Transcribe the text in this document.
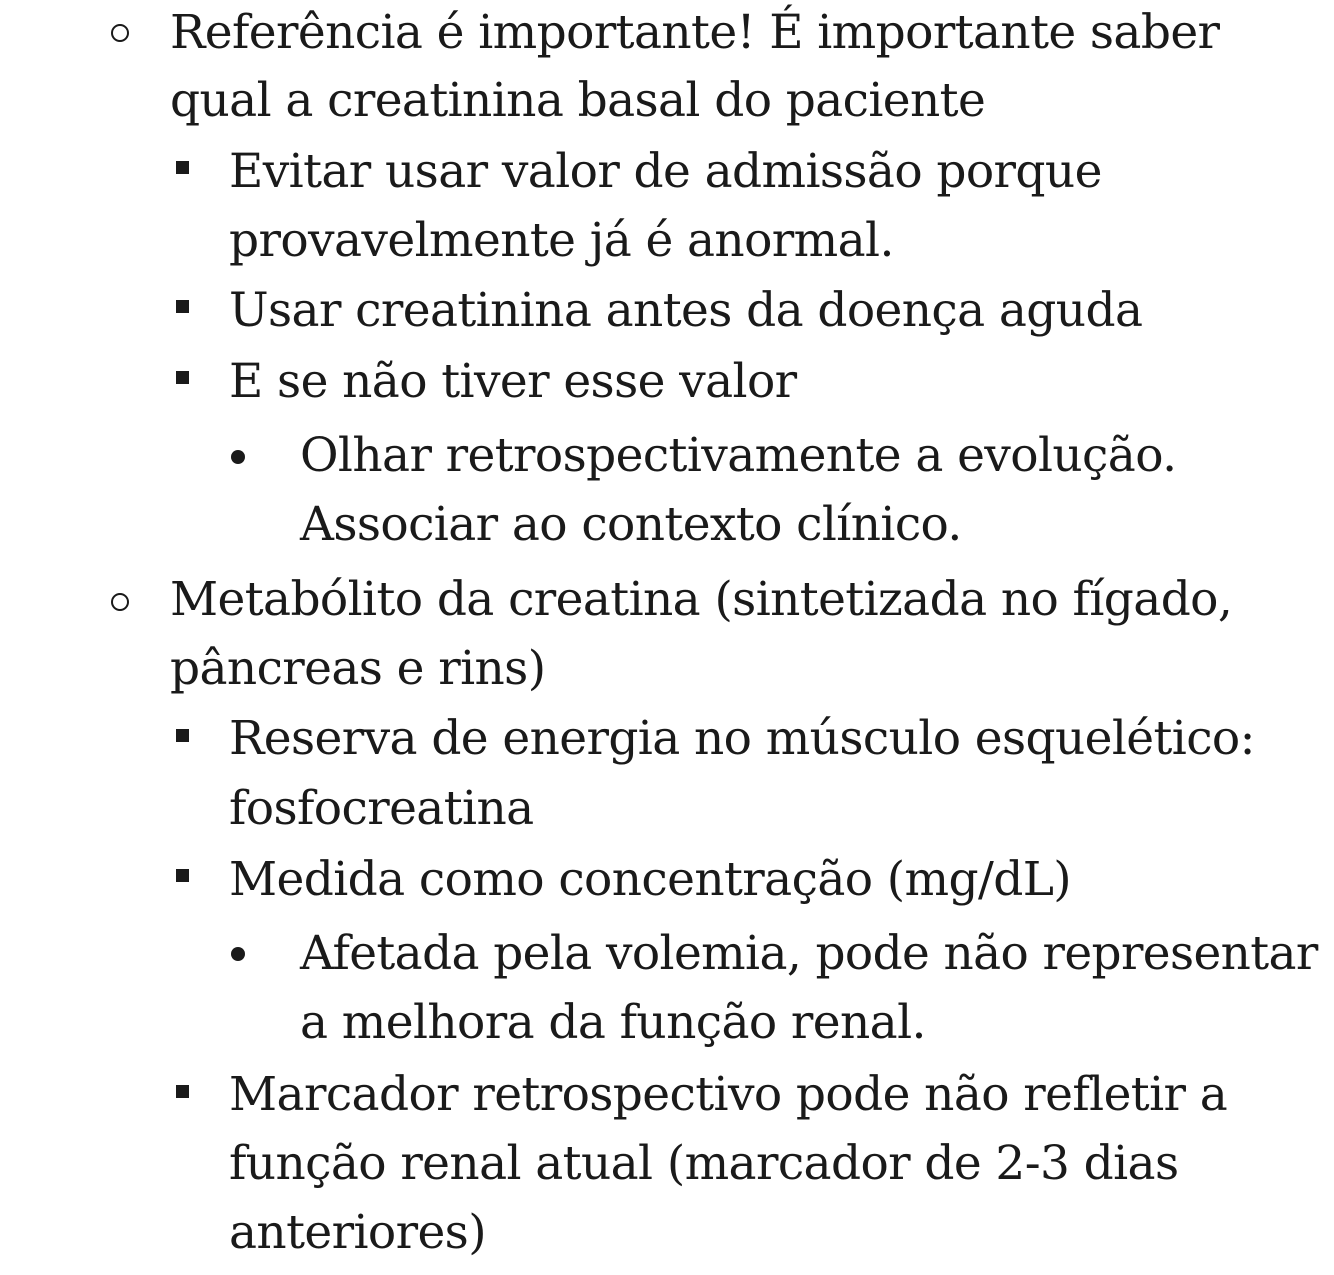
Referência é importante! É importante saber
qual a creatinina basal do paciente
Evitar usar valor de admissão porque
provavelmente já é anormal.
Usar creatinina antes da doença aguda
E se não tiver esse valor
Olhar retrospectivamente a evolução.
Associar ao contexto clínico.
Metabólito da creatina (sintetizada no fígado,
pâncreas e rins)
Reserva de energia no músculo esquelético:
fosfocreatina
Medida como concentração (mg/dL)
Afetada pela volemia, pode não representar
a melhora da função renal.
Marcador retrospectivo pode não refletir a
função renal atual (marcador de 2-3 dias
anteriores)
